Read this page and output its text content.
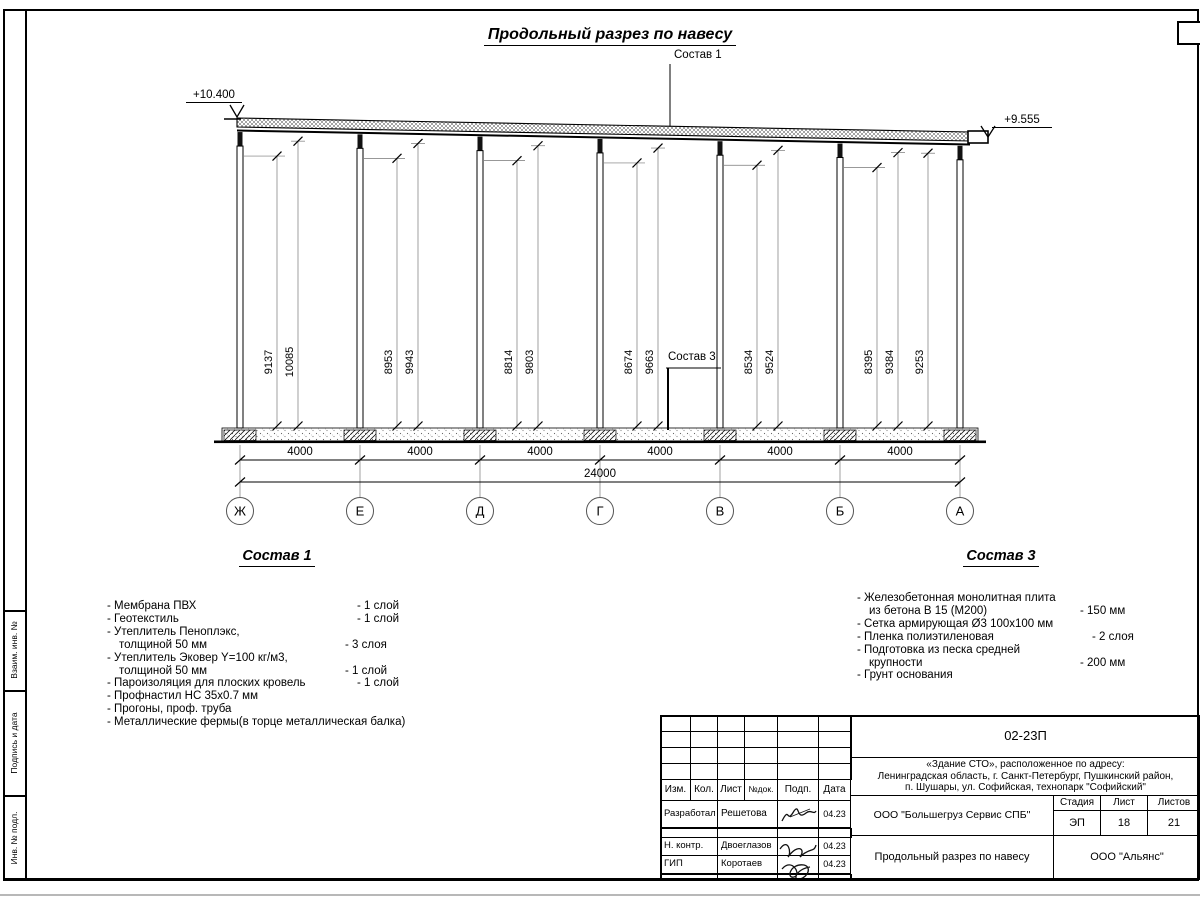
Взаим. инв. №
Подпись и дата
Инв. № подл.
9137 10085	8953 9943	8814 9803	8674 9663	8534 9524	8395 9384 9253
4000	4000	4000	4000	4000	4000
24000
Ж	Е	Д	Г	В	Б	А
Продольный разрез по навесу
Состав 1
Состав 3
+10.400
+9.555
Состав 1
- Мембрана ПВХ	- 1 слой
- Геотекстиль	- 1 слой
- Утеплитель Пеноплэкс,
толщиной 50 мм	- 3 слоя
- Утеплитель Эковер Y=100 кг/м3,
толщиной 50 мм	- 1 слой
- Пароизоляция для плоских кровель	- 1 слой
- Профнастил НС 35х0.7 мм
- Прогоны, проф. труба
- Металлические фермы(в торце металлическая балка)
Состав 3
- Железобетонная монолитная плита
из бетона В 15 (М200)	- 150 мм
- Сетка армирующая Ø3 100х100 мм
- Пленка полиэтиленовая	- 2 слоя
- Подготовка из песка средней
крупности	- 200 мм
- Грунт основания
Изм. Кол. Лист №док.	Подп.	Дата
Разработал Решетова	04.23
Н. контр.	Двоеглазов	04.23
ГИП	Коротаев	04.23
02-23П
«Здание СТО», расположенное по адресу:
Ленинградская область, г. Санкт-Петербург, Пушкинский район,
п. Шушары, ул. Софийская, технопарк "Софийский"
ООО "Большегруз Сервис СПБ"
Стадия	Лист	Листов
ЭП	18	21
Продольный разрез по навесу	ООО "Альянс"
